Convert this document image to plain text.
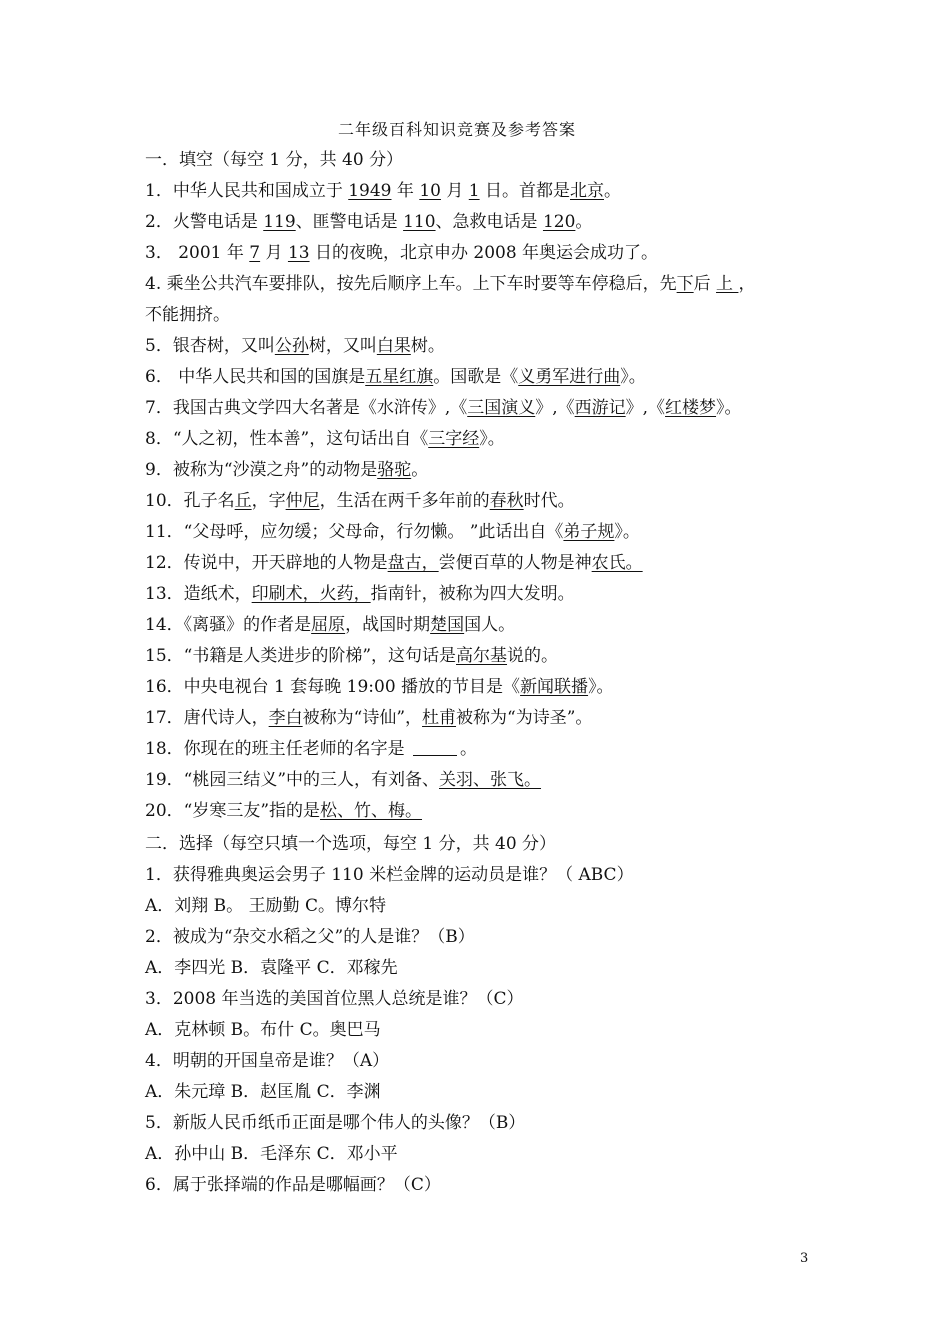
二年级百科知识竞赛及参考答案
一．填空（每空 1 分，共 40 分）
1．中华人民共和国成立于 1949 年 10 月 1 日。首都是北京。
2．火警电话是 119、匪警电话是 110、急救电话是 120。
3． 2001 年 7 月 13 日的夜晚，北京申办 2008 年奥运会成功了。
4. 乘坐公共汽车要排队，按先后顺序上车。上下车时要等车停稳后，先下后 上 ，
不能拥挤。
5．银杏树，又叫公孙树，又叫白果树。
6． 中华人民共和国的国旗是五星红旗。国歌是《义勇军进行曲》。
7．我国古典文学四大名著是《水浒传》,《三国演义》,《西游记》,《红楼梦》。
8．“人之初，性本善”，这句话出自《三字经》。
9．被称为“沙漠之舟”的动物是骆驼。
10．孔子名丘，字仲尼，生活在两千多年前的春秋时代。
11．“父母呼，应勿缓；父母命，行勿懒。 ”此话出自《弟子规》。
12．传说中，开天辟地的人物是盘古，尝便百草的人物是神农氏。
13．造纸术，印刷术，火药，指南针，被称为四大发明。
14．《离骚》的作者是屈原，战国时期楚国国人。
15．“书籍是人类进步的阶梯”，这句话是高尔基说的。
16．中央电视台 1 套每晚 19:00 播放的节目是《新闻联播》。
17．唐代诗人，李白被称为“诗仙”，杜甫被称为“为诗圣”。
18．你现在的班主任老师的名字是	。
19．“桃园三结义”中的三人，有刘备、关羽、张飞。
20．“岁寒三友”指的是松、竹、梅。
二．选择（每空只填一个选项，每空 1 分，共 40 分）
1．获得雅典奥运会男子 110 米栏金牌的运动员是谁？（ ABC）
A．刘翔 B。 王励勤 C。博尔特
2．被成为“杂交水稻之父”的人是谁？（B）
A．李四光 B．袁隆平 C．邓稼先
3．2008 年当选的美国首位黑人总统是谁？（C）
A．克林顿 B。布什 C。奥巴马
4．明朝的开国皇帝是谁？（A）
A．朱元璋 B．赵匡胤 C．李渊
5．新版人民币纸币正面是哪个伟人的头像？（B）
A．孙中山 B．毛泽东 C．邓小平
6．属于张择端的作品是哪幅画？（C）
3
